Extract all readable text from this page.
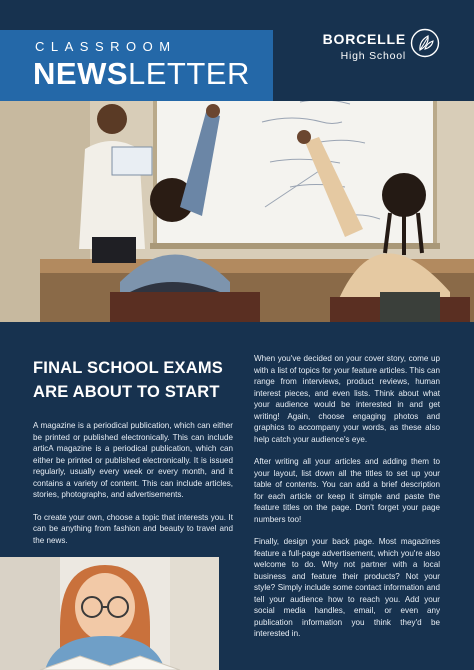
CLASSROOM
NEWSLETTER
BORCELLE
High School
FINAL SCHOOL EXAMS
ARE ABOUT TO START

A magazine is a periodical publication, which can either be printed or published electronically. This can include articA magazine is a periodical publication, which can either be printed or published electronically. It is issued regularly, usually every week or every month, and it contains a variety of content. This can include articles, stories, photographs, and advertisements.

To create your own, choose a topic that interests you. It can be anything from fashion and beauty to travel and the news.

When you've decided on your cover story, come up with a list of topics for your feature articles. This can range from interviews, product reviews, human interest pieces, and even lists. Think about what your audience would be interested in and get writing! Again, choose engaging photos and graphics to accompany your words, as these also help catch your audience's eye.

After writing all your articles and adding them to your layout, list down all the titles to set up your table of contents. You can add a brief description for each article or keep it simple and paste the feature titles on the page. Don't forget your page numbers too!

Finally, design your back page. Most magazines feature a full-page advertisement, which you're also welcome to do. Why not partner with a local business and feature their products? Not your style? Simply include some contact information and tell your audience how to reach you. Add your social media handles, email, or even any publication information you think they'd be interested in.
